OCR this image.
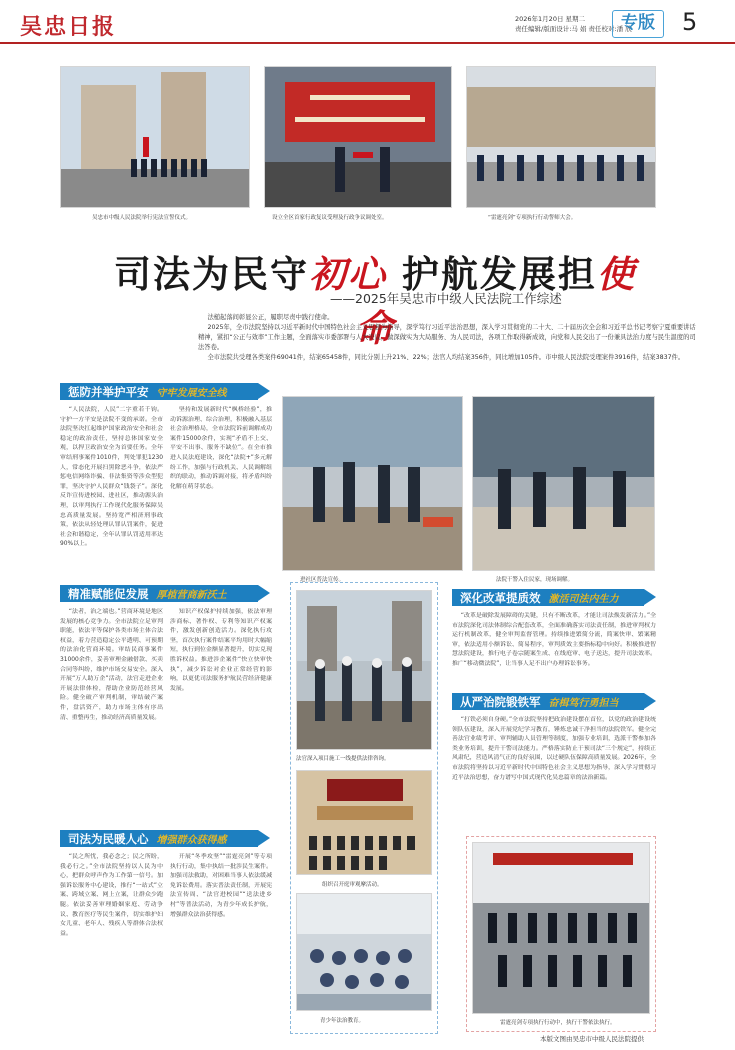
吴忠日报	2026年1月20日 星期二
责任编辑/版面设计:马 娟 责任校对:潘 欣
专版	5
吴忠市中级人民法院举行宪法宣誓仪式。	设立全区首家行政复议受理及行政争议调处室。	“雷霆亮剑”专项执行行动誓师大会。
司法为民守初心 护航发展担使命
——2025年吴忠市中级人民法院工作综述

法槌起落间彰显公正，履职尽责中践行使命。

2025年，全市法院坚持以习近平新时代中国特色社会主义思想为指导，深学笃行习近平法治思想，深入学习贯彻党的二十大、二十届历次全会和习近平总书记考察宁夏重要讲话精神，紧扣“公正与效率”工作主题，全面落实市委部署与人大决议，做深做实为大局服务、为人民司法，各项工作取得新成效，向党和人民交出了一份兼具法治力度与民生温度的司法答卷。

全市法院共受理各类案件69041件，结案65458件，同比分别上升21%、22%；法官人均结案356件，同比增加105件。市中级人民法院受理案件3916件，结案3837件。

惩防并举护平安 守牢发展安全线

“人民法院，人民”二字重若千钧。守护一方平安是法院不变的承诺。全市法院坚决扛起维护国家政治安全和社会稳定的政治责任，坚持总体国家安全观，以捍卫政治安全为首要任务。全年审结刑事案件1010件，判处罪犯1230人，常态化开展扫黑除恶斗争，依法严惩电信网络诈骗、非法集资等涉众型犯罪，坚决守护人民群众“钱袋子”。深化反诈宣传进校园、进社区，推动源头治理，以审判执行工作现代化服务保障吴忠高质量发展。坚持宽严相济刑事政策，依法从轻处理认罪认罚案件，促进社会和谐稳定，全年认罪认罚适用率达90%以上。

坚持和发展新时代“枫桥经验”，推动诉源治理、综合治理，积极融入基层社会治理格局，全市法院诉前调解成功案件15000余件，实现“矛盾不上交、平安不出事、服务不缺位”。在全市推进人民法庭建设，深化“法院+”多元解纷工作，加强与行政机关、人民调解组织的联动，推动诉调对接，将矛盾纠纷化解在萌芽状态。

精准赋能促发展 厚植营商新沃土

“法者，治之端也。”营商环境是地区发展的核心竞争力。全市法院立足审判职能，依法平等保护各类市场主体合法权益，着力营造稳定公平透明、可预期的法治化营商环境。审结民商事案件31000余件，妥善审理金融借款、买卖合同等纠纷，维护市场交易安全。深入开展“万人助万企”活动，法官走进企业开展法律体检，帮助企业防范经营风险。健全破产审判机制，审结破产案件，盘活资产，助力市场主体有序出清、重整再生，推动经济高质量发展。

知识产权保护持续加强，依法审理涉商标、著作权、专利等知识产权案件，激发创新创造活力。深化执行攻坚，首次执行案件结案平均用时大幅缩短，执行到位金额显著提升，切实兑现胜诉权益。推进涉企案件“快立快审快执”，减少诉讼对企业正常经营的影响，以更优司法服务护航民营经济健康发展。

司法为民暖人心 增强群众获得感

“民之所忧，我必念之；民之所盼，我必行之。”全市法院坚持以人民为中心，把群众呼声作为工作第一信号。加强诉讼服务中心建设，推行“一站式”立案、跨域立案、网上立案，让群众少跑腿。依法妥善审理婚姻家庭、劳动争议、教育医疗等民生案件，切实维护妇女儿童、老年人、残疾人等群体合法权益。

开展“冬季攻坚”“雷霆亮剑”等专项执行行动，集中执结一批涉民生案件。加强司法救助，对困难当事人依法缓减免诉讼费用。落实普法责任制，开展宪法宣传周、“法官进校园”“送法进乡村”等普法活动，为青少年成长护航，增强群众法治获得感。

进社区普法宣传。	法院干警入住民家，现场调解。
法官深入项目施工一线提供法律咨询。
组织召开庭审观摩活动。
青少年法治教育。
深化改革提质效 激活司法内生力

“改革是破除发展障碍的关键，只有不断改革，才能让司法焕发新活力。”全市法院深化司法体制综合配套改革，全面准确落实司法责任制，推进审判权力运行机制改革，健全审判监督管理。持续推进繁简分流，简案快审、繁案精审，依法适用小额诉讼、简易程序，审判质效主要指标稳中向好。积极推进智慧法院建设，推行电子卷宗随案生成、在线庭审、电子送达，提升司法效率。推广“移动微法院”，让当事人足不出户办理诉讼事务。

从严治院锻铁军 奋楫笃行勇担当

“打铁必须自身硬。”全市法院坚持把政治建设摆在首位，以党的政治建设统领队伍建设，深入开展党纪学习教育，锤炼忠诚干净担当的法院铁军。健全完善法官业绩考评、审判辅助人员管理等制度，加强专业培训，选派干警参加各类业务培训，提升干警司法能力。严格落实防止干预司法“三个规定”，持续正风肃纪，营造风清气正的良好氛围，以过硬队伍保障高质量发展。2026年，全市法院将坚持以习近平新时代中国特色社会主义思想为指导，深入学习贯彻习近平法治思想，奋力谱写中国式现代化吴忠篇章的法治新篇。

雷霆亮剑专项执行行动中，执行干警依法执行。
本版文图由吴忠市中级人民法院提供
